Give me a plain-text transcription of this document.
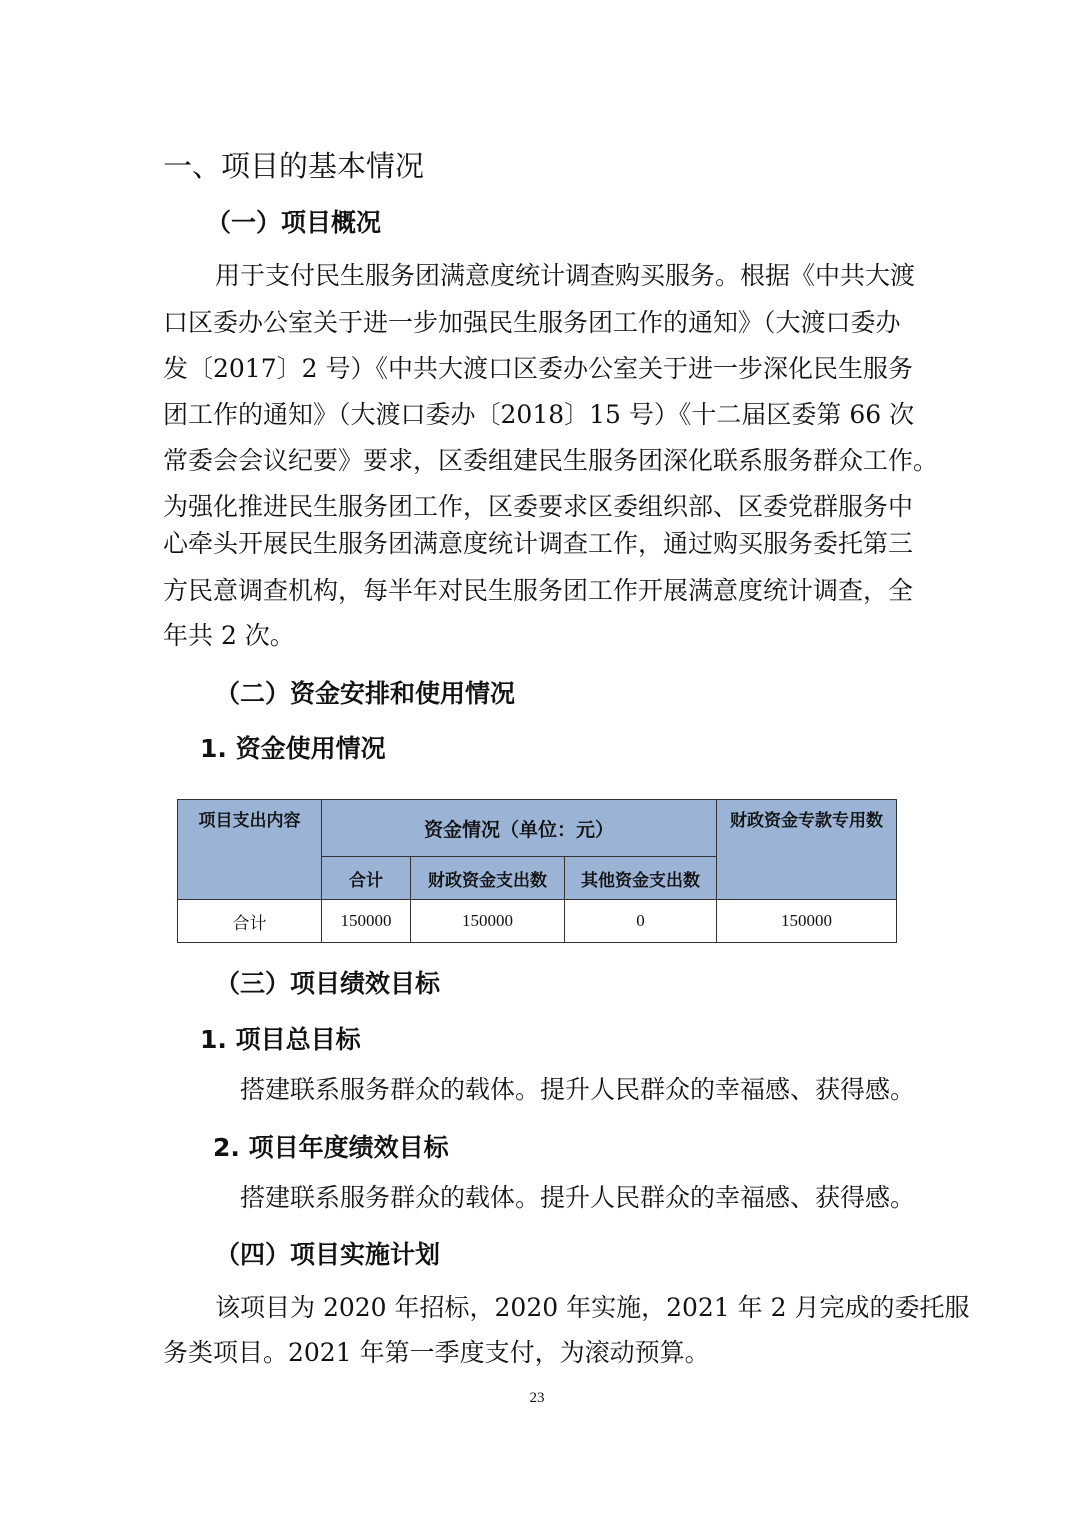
一、项目的基本情况
（一）项目概况
用于支付民生服务团满意度统计调查购买服务。根据《中共大渡
口区委办公室关于进一步加强民生服务团工作的通知》（大渡口委办
发〔2017〕2 号）《中共大渡口区委办公室关于进一步深化民生服务
团工作的通知》（大渡口委办〔2018〕15 号）《十二届区委第 66 次
常委会会议纪要》要求，区委组建民生服务团深化联系服务群众工作。
为强化推进民生服务团工作，区委要求区委组织部、区委党群服务中
心牵头开展民生服务团满意度统计调查工作，通过购买服务委托第三
方民意调查机构，每半年对民生服务团工作开展满意度统计调查，全
年共 2 次。
（二）资金安排和使用情况
1. 资金使用情况
项目支出内容	资金情况（单位：元）			财政资金专款专用数
	合计	财政资金支出数	其他资金支出数	
合计	150000	150000	0	150000
（三）项目绩效目标
1. 项目总目标
搭建联系服务群众的载体。提升人民群众的幸福感、获得感。
2. 项目年度绩效目标
搭建联系服务群众的载体。提升人民群众的幸福感、获得感。
（四）项目实施计划
该项目为 2020 年招标，2020 年实施，2021 年 2 月完成的委托服
务类项目。2021 年第一季度支付，为滚动预算。
23
